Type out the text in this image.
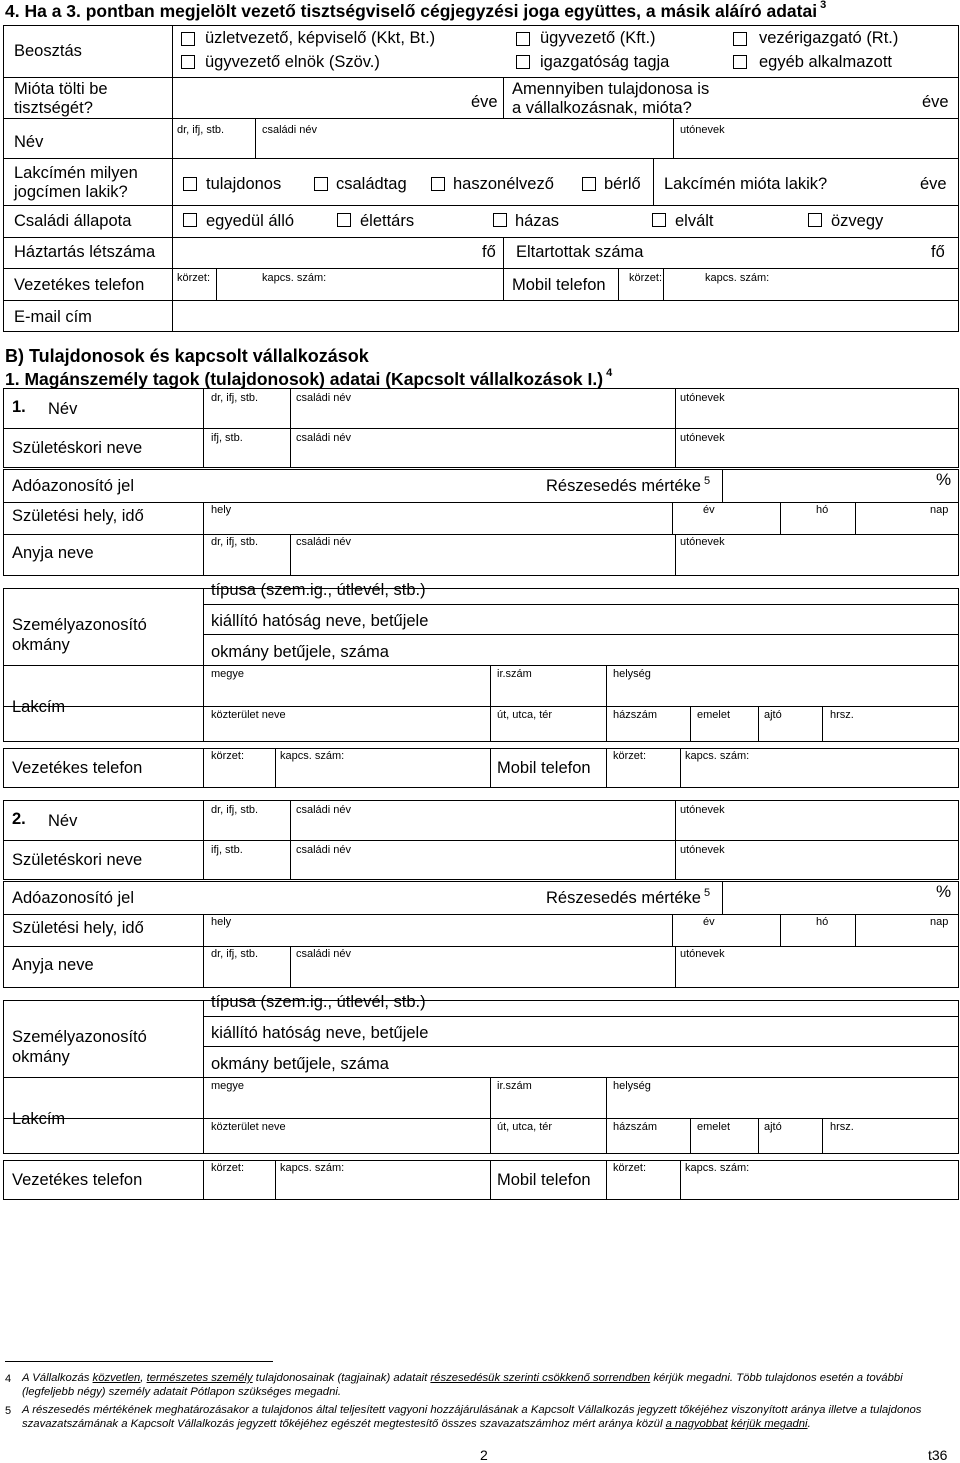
4. Ha a 3. pontban megjelölt vezető tisztségviselő cégjegyzési joga együttes, a másik aláíró adatai $^3$
Beosztás
üzletvezető, képviselő (Kkt, Bt.)	ügyvezető (Kft.)	vezérigazgató (Rt.)
ügyvezető elnök (Szöv.)	igazgatóság tagja	egyéb alkalmazott
Mióta tölti be
tisztségét?	éve
Amennyiben tulajdonosa is
a vállalkozásnak, mióta?	éve
Név
dr, ifj, stb.	családi név	utónevek
Lakcímén milyen
jogcímen lakik?	tulajdonos	családtag	haszonélvező	bérlő Lakcímén mióta lakik?	éve
Családi állapota	egyedül álló	élettárs	házas	elvált	özvegy
Háztartás létszáma	fő Eltartottak száma	fő
Vezetékes telefon	körzet:	kapcs. szám:	Mobil telefon körzet:	kapcs. szám:
E-mail cím
B) Tulajdonosok és kapcsolt vállalkozások
1. Magánszemély tagok (tulajdonosok) adatai (Kapcsolt vállalkozások I.) $^4$
1. Név
dr, ifj, stb.	családi név	utónevek
Születéskori neve
ifj, stb.	családi név	utónevek
Adóazonosító jel	Részesedés mértéke $^5$	%
Születési hely, idő	hely	év	hó	nap
Anyja neve
dr, ifj, stb.	családi név	utónevek
Személyazonosító
okmány
típusa (szem.ig., útlevél, stb.)
kiállító hatóság neve, betűjele
okmány betűjele, száma
Lakcím
megye	ir.szám	helység
közterület neve	út, utca, tér	házszám	emelet	ajtó	hrsz.
Vezetékes telefon
körzet:	kapcs. szám:
Mobil telefon
körzet:	kapcs. szám:
2. Név
dr, ifj, stb.	családi név	utónevek
Születéskori neve
ifj, stb.	családi név	utónevek
Adóazonosító jel	Részesedés mértéke $^5$	%
Születési hely, idő	hely	év	hó	nap
Anyja neve
dr, ifj, stb.	családi név	utónevek
Személyazonosító
okmány
típusa (szem.ig., útlevél, stb.)
kiállító hatóság neve, betűjele
okmány betűjele, száma
Lakcím
megye	ir.szám	helység
közterület neve	út, utca, tér	házszám	emelet	ajtó	hrsz.
Vezetékes telefon
körzet:	kapcs. szám:
Mobil telefon
körzet:	kapcs. szám:
4 A Vállalkozás közvetlen, természetes személy tulajdonosainak (tagjainak) adatait részesedésük szerinti csökkenő sorrendben kérjük megadni. Több tulajdonos esetén a további (legfeljebb négy) személy adatait Pótlapon szükséges megadni.
5 A részesedés mértékének meghatározásakor a tulajdonos által teljesített vagyoni hozzájárulásának a Kapcsolt Vállalkozás jegyzett tőkéjéhez viszonyított aránya illetve a tulajdonos szavazatszámának a Kapcsolt Vállalkozás jegyzett tőkéjéhez egészét megtestesítő összes szavazatszámhoz mért aránya közül a nagyobbat kérjük megadni.
2	t36
